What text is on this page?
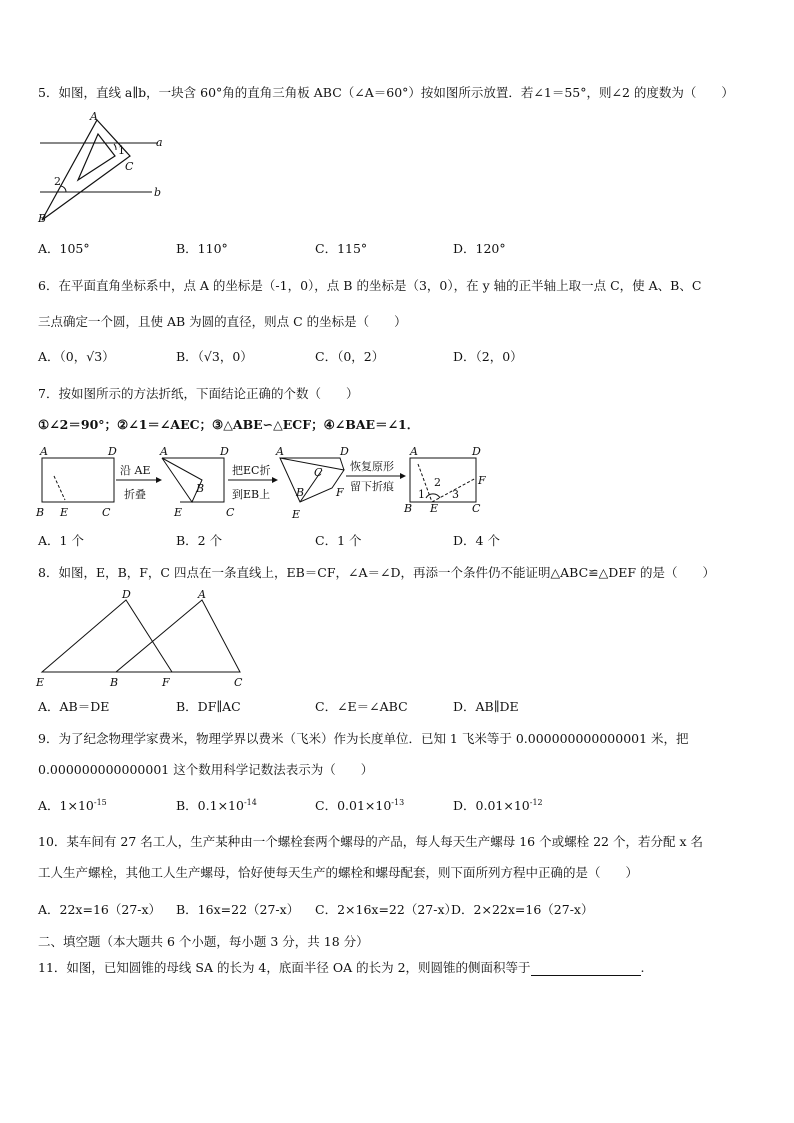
5．如图，直线 a∥b，一块含 60°角的直角三角板 ABC（∠A＝60°）按如图所示放置．若∠1＝55°，则∠2 的度数为（　　）
A
B
C
a
b
1
2
A．105°	B．110°	C．115°	D．120°
6．在平面直角坐标系中，点 A 的坐标是（-1，0），点 B 的坐标是（3，0），在 y 轴的正半轴上取一点 C，使 A、B、C
三点确定一个圆，且使 AB 为圆的直径，则点 C 的坐标是（　　）
A．（0，√3）	B．（√3，0）	C．（0，2）	D．（2，0）
7．按如图所示的方法折纸，下面结论正确的个数（　　）
①∠2＝90°；②∠1＝∠AEC；③△ABE∽△ECF；④∠BAE＝∠1．
A	D
B E	C
沿 AE
折叠
A	D
B
E	C
把EC折
到EB上
A	D
C
B	F
E
恢复原形
留下折痕
A	D
F
B E	C
1
2
3
A．1 个	B．2 个	C．1 个	D．4 个
8．如图，E，B，F，C 四点在一条直线上，EB＝CF，∠A＝∠D，再添一个条件仍不能证明△ABC≌△DEF 的是（　　）
D	A
E	B	F	C
A．AB＝DE	B．DF∥AC	C．∠E＝∠ABC	D．AB∥DE
9．为了纪念物理学家费米，物理学界以费米（飞米）作为长度单位．已知 1 飞米等于 0.000000000000001 米，把
0.000000000000001 这个数用科学记数法表示为（　　）
A．$1\times 10^{-15}$	B．$0.1\times 10^{-14}$	C．$0.01\times 10^{-13}$	D．$0.01\times 10^{-12}$
10．某车间有 27 名工人，生产某种由一个螺栓套两个螺母的产品，每人每天生产螺母 16 个或螺栓 22 个，若分配 x 名
工人生产螺栓，其他工人生产螺母，恰好使每天生产的螺栓和螺母配套，则下面所列方程中正确的是（　　）
A．22x=16（27-x） B．16x=22（27-x） C．2×16x=22（27-x）
D．2×22x=16（27-x）
二、填空题（本大题共 6 个小题，每小题 3 分，共 18 分）
11．如图，已知圆锥的母线 SA 的长为 4，底面半径 OA 的长为 2，则圆锥的侧面积等于	.
